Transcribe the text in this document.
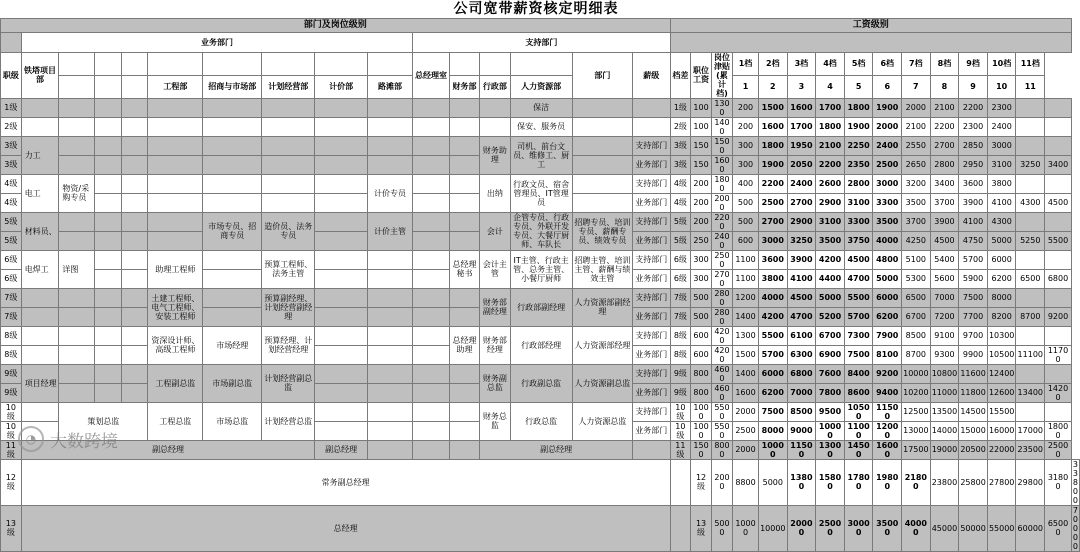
公司宽带薪资核定明细表																															
部门及岗位级别																工资级别															
	业务部门									支持部门																					
职级	铁塔项目部									总经理室				部门	薪级	档差	职位工资	岗位津贴(累计档)	1档	2档	3档	4档	5档	6档	7档	8档	9档	10档	11档		
					工程部	招商与市场部	计划经营部	计价部	路滩部		财务部	行政部	人力资源部						1	2	3	4	5	6	7	8	9	10	11		
1级													保洁			1级	100	1300	200	1500	1600	1700	1800	1900	2000	2100	2200	2300			
2级													保安、服务员			2级	100	1400	200	1600	1700	1800	1900	2000	2100	2200	2300	2400			
3级	力工											财务助理	司机、前台文员、维修工、厨工		支持部门	3级	150	1500	300	1800	1950	2100	2250	2400	2550	2700	2850	3000			
3级															业务部门	3级	150	1600	300	1900	2050	2200	2350	2500	2650	2800	2950	3100	3250	3400	
4级	电工	物资/采购专员							计价专员			出纳	行政文员、宿舍管理员、IT管理员		支持部门	4级	200	1800	400	2200	2400	2600	2800	3000	3200	3400	3600	3800			
4级															业务部门	4级	200	2000	500	2500	2700	2900	3100	3300	3500	3700	3900	4100	4300	4500	
5级	材料员、					市场专员、招商专员	造价员、法务专员		计价主管			会计	企管专员、行政专员、外联开发专员、大餐厅厨师、车队长	招聘专员、培训专员、薪酬专员、绩效专员	支持部门	5级	200	2200	500	2700	2900	3100	3300	3500	3700	3900	4100	4300			
5级															业务部门	5级	250	2400	600	3000	3250	3500	3750	4000	4250	4500	4750	5000	5250	5500	
6级	电焊工	详图			助理工程师		预算工程师、法务主管				总经理秘书	会计主管	IT主管、行政主管、总务主管、小餐厅厨师	招聘主管、培训主管、薪酬与绩效主管	支持部门	6级	300	2500	1100	3600	3900	4200	4500	4800	5100	5400	5700	6000			
6级															业务部门	6级	300	2700	1100	3800	4100	4400	4700	5000	5300	5600	5900	6200	6500	6800	
7级					土建工程师、电气工程师、安装工程师		预算副经理、计划经营副经理					财务部副经理	行政部副经理	人力资源部副经理	支持部门	7级	500	2800	1200	4000	4500	5000	5500	6000	6500	7000	7500	8000			
7级															业务部门	7级	500	2800	1400	4200	4700	5200	5700	6200	6700	7200	7700	8200	8700	9200	
8级					资深设计师、高级工程师	市场经理	预算经理、计划经营经理				总经理助理	财务部经理	行政部经理	人力资源部经理	支持部门	8级	600	4200	1300	5500	6100	6700	7300	7900	8500	9100	9700	10300			
8级															业务部门	8级	600	4200	1500	5700	6300	6900	7500	8100	8700	9300	9900	10500	11100	11700	
9级	项目经理				工程副总监	市场副总监	计划经营副总监					财务副总监	行政副总监	人力资源副总监	支持部门	9级	800	4600	1400	6000	6800	7600	8400	9200	10000	10800	11600	12400			
9级															业务部门	9级	800	4600	1600	6200	7000	7800	8600	9400	10200	11000	11800	12600	13400	14200	
10级		策划总监			工程总监	市场总监	计划经营总监					财务总监	行政总监	人力资源总监	支持部门	10级	1000	5500	2000	7500	8500	9500	10500	11500	12500	13500	14500	15500			
10级															业务部门	10级	1000	5500	2500	8000	9000	10000	11000	12000	13000	14000	15000	16000	17000	18000	
11级	副总经理							副总经理				副总经理				11级	1500	8000	2000	10000	11500	13000	14500	16000	17500	19000	20500	22000	23500	25000	
12级	常务副总经理																12级	2000	8800	5000	13800	15800	17800	19800	21800	23800	25800	27800	29800	31800	33800
13级	总经理																13级	5000	10000	10000	20000	25000	30000	35000	40000	45000	50000	55000	60000	65000	70000
◔ 大数跨境
